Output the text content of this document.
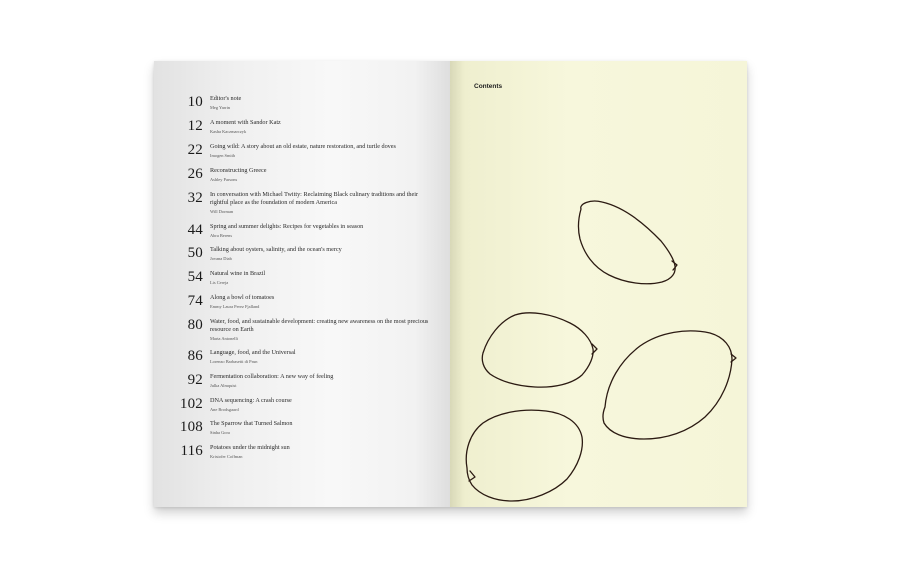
10 Editor's note
Meg Yarrin
12 A moment with Sandor Katz
Kasha Kaczmarczyk
22 Going wild: A story about an old estate, nature restoration, and turtle doves
Imogen Smith
26 Reconstructing Greece
Ashley Parsons
32 In conversation with Michael Twitty: Reclaiming Black culinary traditions and their rightful place as the foundation of modern America
Will Dorman
44 Spring and summer delights: Recipes for vegetables in season
Abra Berens
50 Talking about oysters, salinity, and the ocean's mercy
Jovana Diab
54 Natural wine in Brazil
Lis Cereja
74 Along a bowl of tomatoes
Emmy Laura Perez Fjalland
80 Water, food, and sustainable development: creating new awareness on the most precious resource on Earth
Marta Antonelli
86 Language, food, and the Universal
Lorenzo Barbasetti di Prun
92 Fermentation collaboration: A new way of feeling
Julka Almquist
102 DNA sequencing: A crash course
Ane Brodsgaard
108 The Sparrow that Turned Salmon
Sinha Gora
116 Potatoes under the midnight sun
Kristofer Coffman
Contents
